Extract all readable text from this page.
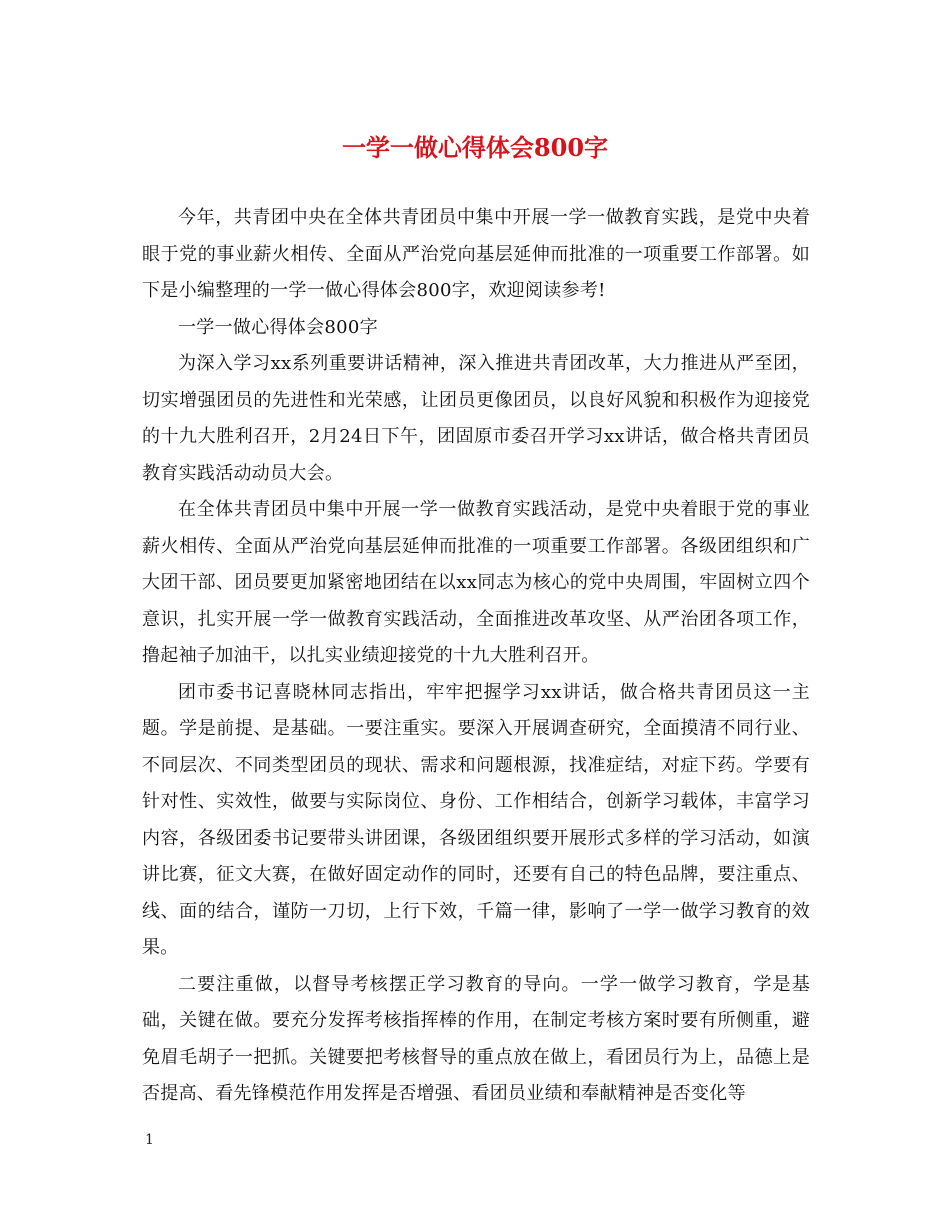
一学一做心得体会800字

今年，共青团中央在全体共青团员中集中开展一学一做教育实践，是党中央着眼于党的事业薪火相传、全面从严治党向基层延伸而批准的一项重要工作部署。如下是小编整理的一学一做心得体会800字，欢迎阅读参考!

一学一做心得体会800字

为深入学习xx系列重要讲话精神，深入推进共青团改革，大力推进从严至团，切实增强团员的先进性和光荣感，让团员更像团员，以良好风貌和积极作为迎接党的十九大胜利召开，2月24日下午，团固原市委召开学习xx讲话，做合格共青团员教育实践活动动员大会。

在全体共青团员中集中开展一学一做教育实践活动，是党中央着眼于党的事业薪火相传、全面从严治党向基层延伸而批准的一项重要工作部署。各级团组织和广大团干部、团员要更加紧密地团结在以xx同志为核心的党中央周围，牢固树立四个意识，扎实开展一学一做教育实践活动，全面推进改革攻坚、从严治团各项工作，撸起袖子加油干，以扎实业绩迎接党的十九大胜利召开。

团市委书记喜晓林同志指出，牢牢把握学习xx讲话，做合格共青团员这一主题。学是前提、是基础。一要注重实。要深入开展调查研究，全面摸清不同行业、不同层次、不同类型团员的现状、需求和问题根源，找准症结，对症下药。学要有针对性、实效性，做要与实际岗位、身份、工作相结合，创新学习载体，丰富学习内容，各级团委书记要带头讲团课，各级团组织要开展形式多样的学习活动，如演讲比赛，征文大赛，在做好固定动作的同时，还要有自己的特色品牌，要注重点、线、面的结合，谨防一刀切，上行下效，千篇一律，影响了一学一做学习教育的效果。

二要注重做，以督导考核摆正学习教育的导向。一学一做学习教育，学是基础，关键在做。要充分发挥考核指挥棒的作用，在制定考核方案时要有所侧重，避免眉毛胡子一把抓。关键要把考核督导的重点放在做上，看团员行为上，品德上是否提高、看先锋模范作用发挥是否增强、看团员业绩和奉献精神是否变化等

1
